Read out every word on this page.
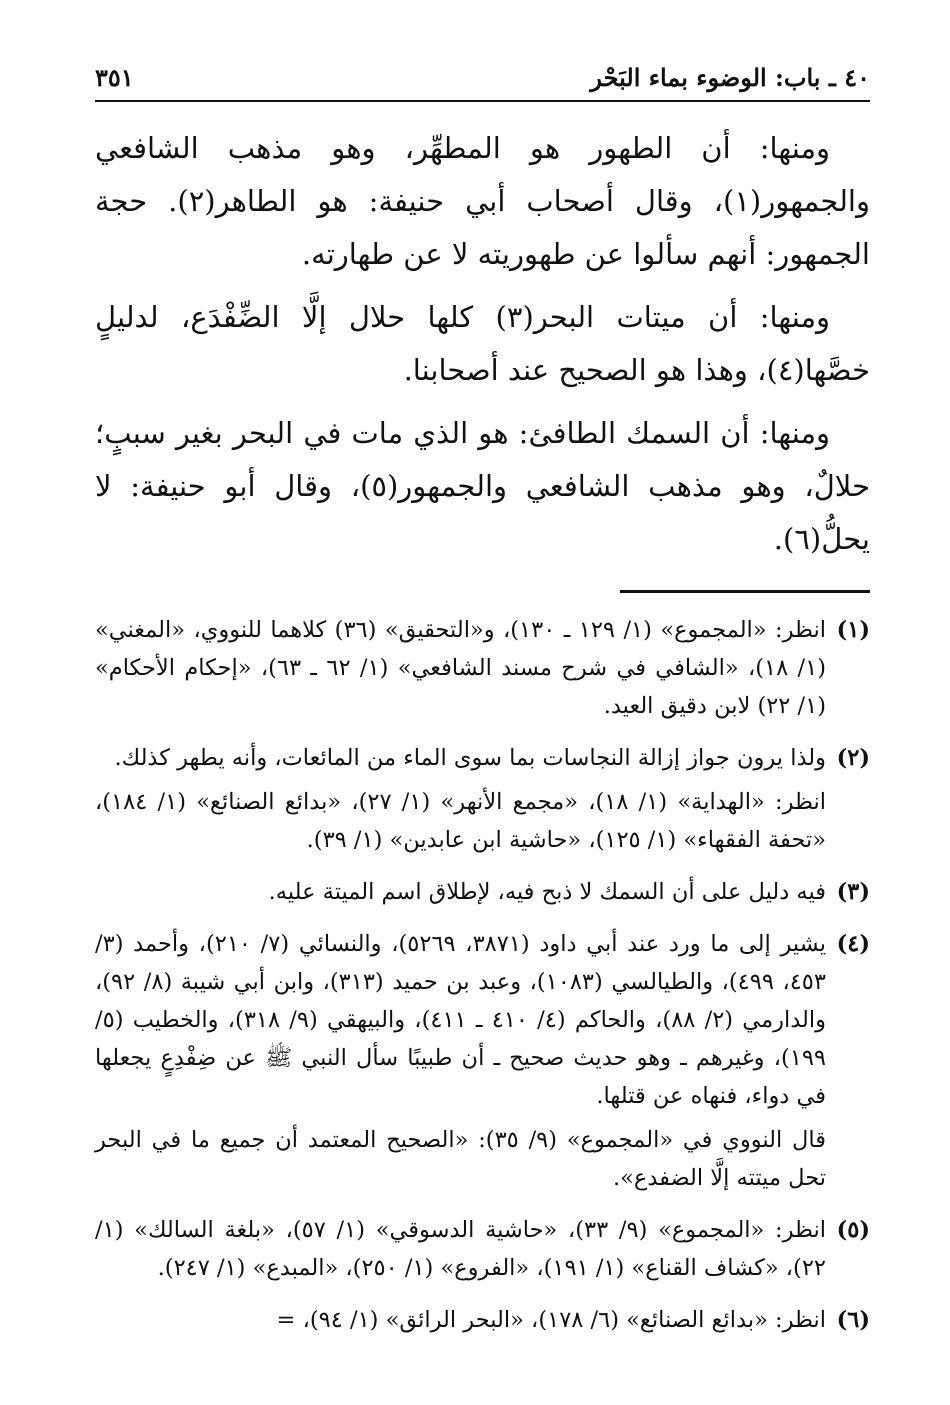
٤٠ ـ باب: الوضوء بماء البَحْر
٣٥١

ومنها: أن الطهور هو المطهِّر، وهو مذهب الشافعي والجمهور(١)، وقال أصحاب أبي حنيفة: هو الطاهر(٢). حجة الجمهور: أنهم سألوا عن طهوريته لا عن طهارته.

ومنها: أن ميتات البحر(٣) كلها حلال إلَّا الضِّفْدَع، لدليلٍ خصَّها(٤)، وهذا هو الصحيح عند أصحابنا.

ومنها: أن السمك الطافئ: هو الذي مات في البحر بغير سببٍ؛ حلالٌ، وهو مذهب الشافعي والجمهور(٥)، وقال أبو حنيفة: لا يحلُّ(٦).

(١)

انظر: «المجموع» (١/ ١٢٩ ـ ١٣٠)، و«التحقيق» (٣٦) كلاهما للنووي، «المغني» (١/ ١٨)، «الشافي في شرح مسند الشافعي» (١/ ٦٢ ـ ٦٣)، «إحكام الأحكام» (١/ ٢٢) لابن دقيق العيد.

(٢)

ولذا يرون جواز إزالة النجاسات بما سوى الماء من المائعات، وأنه يطهر كذلك.

انظر: «الهداية» (١/ ١٨)، «مجمع الأنهر» (١/ ٢٧)، «بدائع الصنائع» (١/ ١٨٤)، «تحفة الفقهاء» (١/ ١٢٥)، «حاشية ابن عابدين» (١/ ٣٩).

(٣)

فيه دليل على أن السمك لا ذبح فيه، لإطلاق اسم الميتة عليه.

(٤)

يشير إلى ما ورد عند أبي داود (٣٨٧١، ٥٢٦٩)، والنسائي (٧/ ٢١٠)، وأحمد (٣/ ٤٥٣، ٤٩٩)، والطيالسي (١٠٨٣)، وعبد بن حميد (٣١٣)، وابن أبي شيبة (٨/ ٩٢)، والدارمي (٢/ ٨٨)، والحاكم (٤/ ٤١٠ ـ ٤١١)، والبيهقي (٩/ ٣١٨)، والخطيب (٥/ ١٩٩)، وغيرهم ـ وهو حديث صحيح ـ أن طبيبًا سأل النبي ﷺ عن ضِفْدِعٍ يجعلها في دواء، فنهاه عن قتلها.

قال النووي في «المجموع» (٩/ ٣٥): «الصحيح المعتمد أن جميع ما في البحر تحل ميتته إلَّا الضفدع».

(٥)

انظر: «المجموع» (٩/ ٣٣)، «حاشية الدسوقي» (١/ ٥٧)، «بلغة السالك» (١/ ٢٢)، «كشاف القناع» (١/ ١٩١)، «الفروع» (١/ ٢٥٠)، «المبدع» (١/ ٢٤٧).

(٦)

انظر: «بدائع الصنائع» (٦/ ١٧٨)، «البحر الرائق» (١/ ٩٤)، =
